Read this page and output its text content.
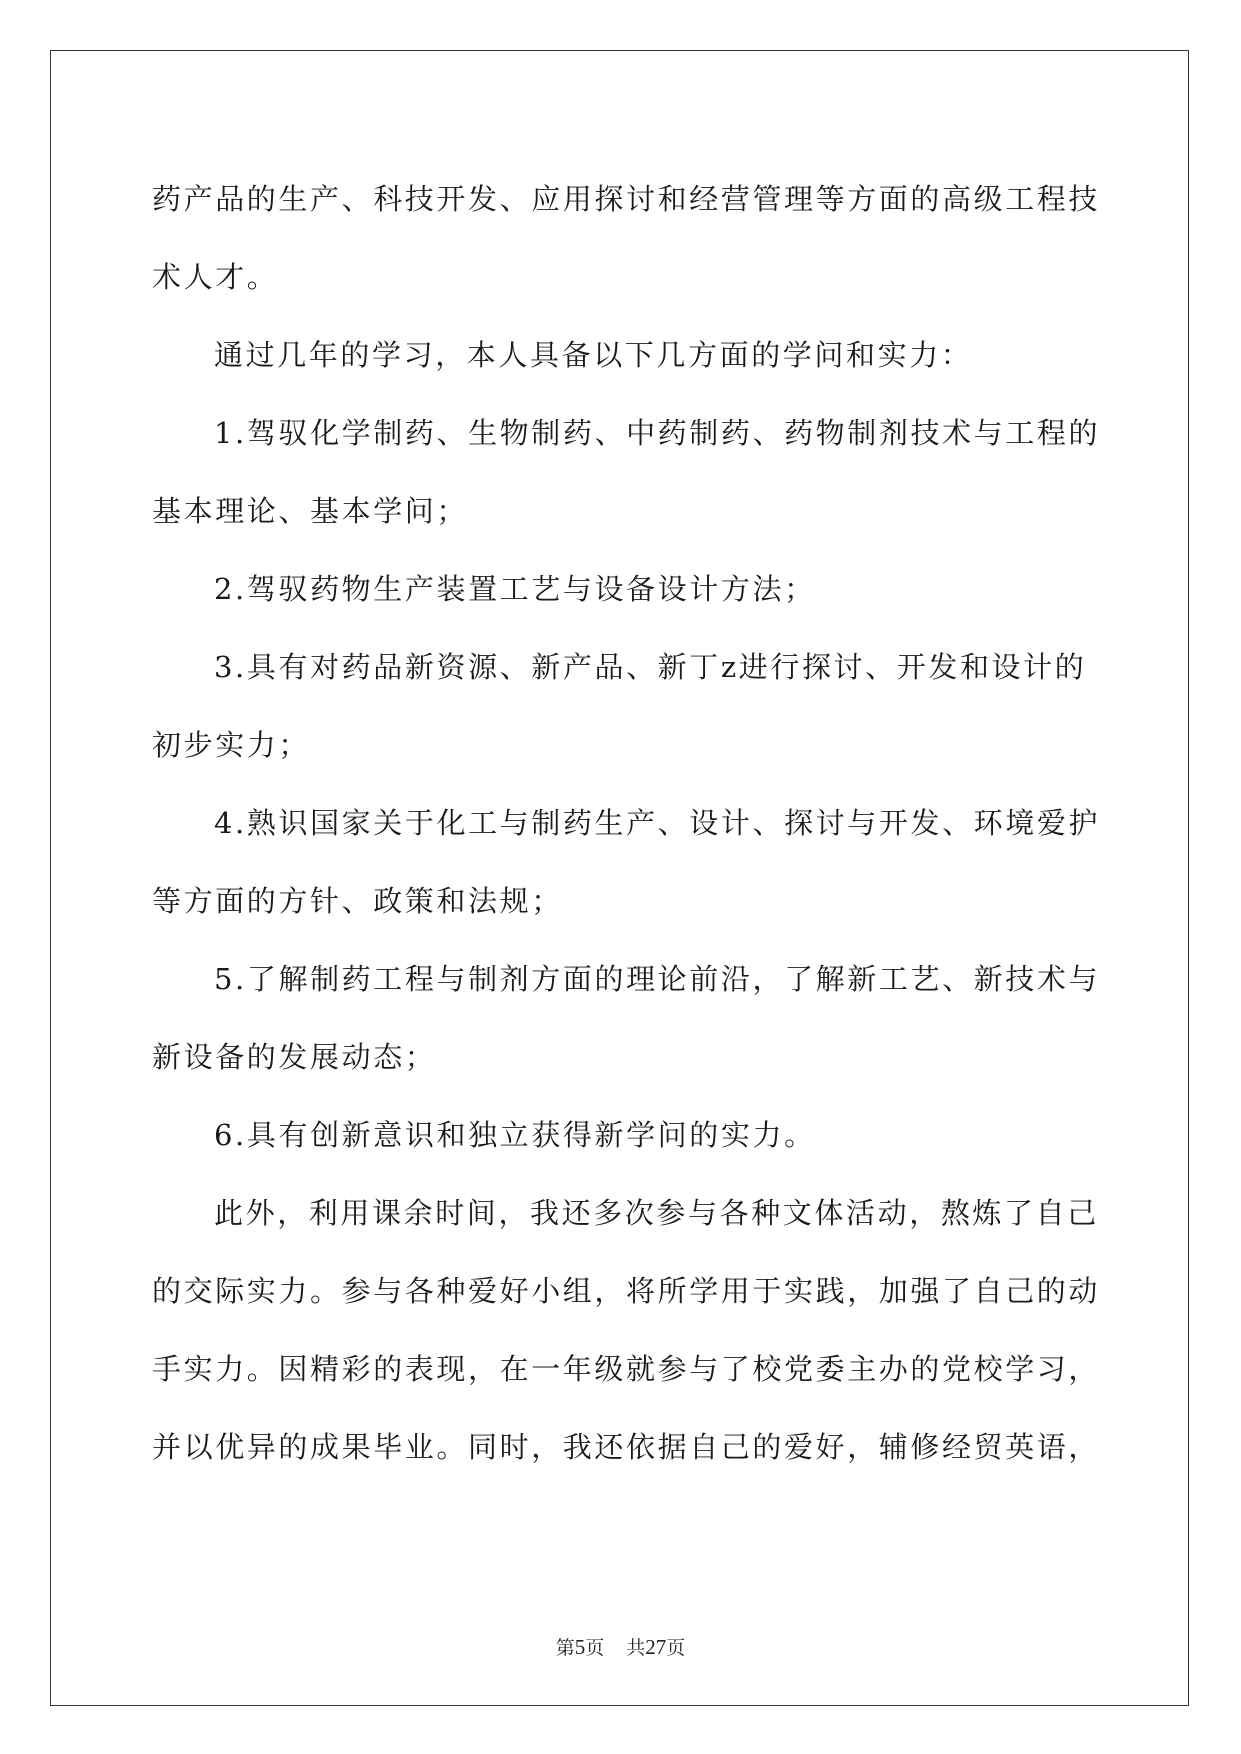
药产品的生产、科技开发、应用探讨和经营管理等方面的高级工程技
术人才。
通过几年的学习，本人具备以下几方面的学问和实力：
1.驾驭化学制药、生物制药、中药制药、药物制剂技术与工程的
基本理论、基本学问；
2.驾驭药物生产装置工艺与设备设计方法；
3.具有对药品新资源、新产品、新丁z进行探讨、开发和设计的
初步实力；
4.熟识国家关于化工与制药生产、设计、探讨与开发、环境爱护
等方面的方针、政策和法规；
5.了解制药工程与制剂方面的理论前沿，了解新工艺、新技术与
新设备的发展动态；
6.具有创新意识和独立获得新学问的实力。
此外，利用课余时间，我还多次参与各种文体活动，熬炼了自己
的交际实力。参与各种爱好小组，将所学用于实践，加强了自己的动
手实力。因精彩的表现，在一年级就参与了校党委主办的党校学习，
并以优异的成果毕业。同时，我还依据自己的爱好，辅修经贸英语，
第5页 共27页
